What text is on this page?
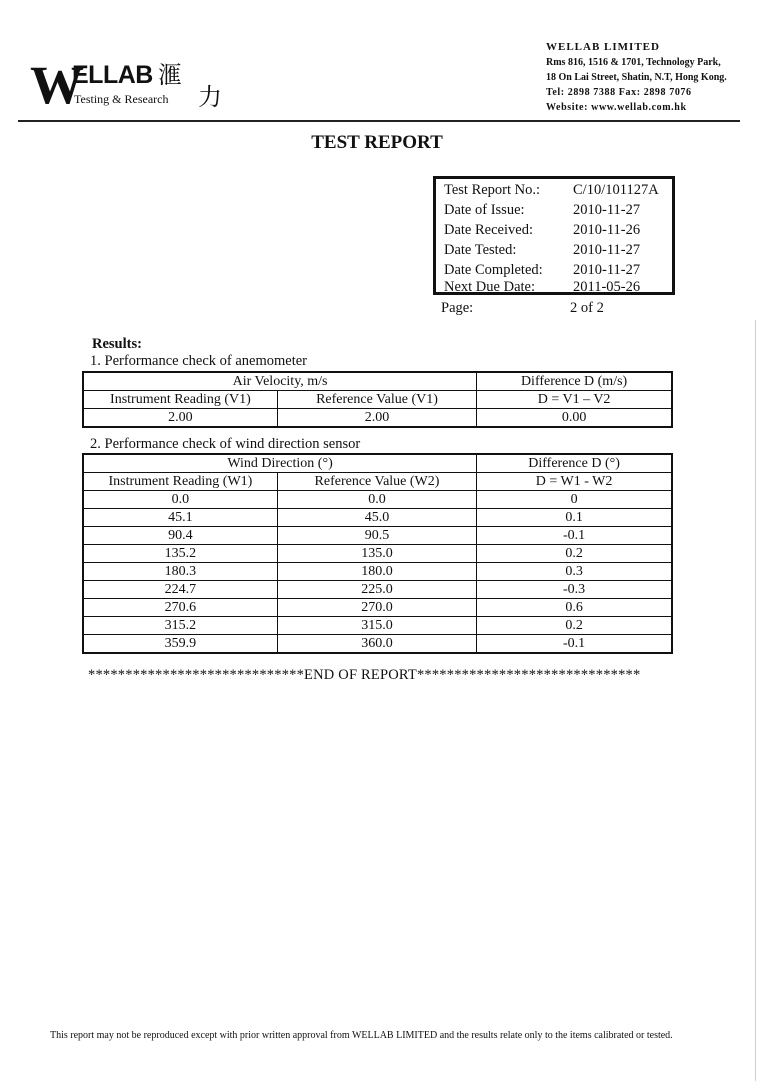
W
ELLAB 滙
力
Testing & Research
WELLAB LIMITED
Rms 816, 1516 & 1701, Technology Park,
18 On Lai Street, Shatin, N.T, Hong Kong.
Tel: 2898 7388 Fax: 2898 7076
Website: www.wellab.com.hk
TEST REPORT
Test Report No.: C/10/101127A
Date of Issue:	2010-11-27
Date Received:	2010-11-26
Date Tested:	2010-11-27
Date Completed: 2010-11-27
Next Due Date:	2011-05-26
Page:	2 of 2
Results:
1. Performance check of anemometer
Air Velocity, m/s		Difference D (m/s)
Instrument Reading (V1)	Reference Value (V1)	D = V1 – V2
2.00	2.00	0.00
2. Performance check of wind direction sensor
Wind Direction (°)		Difference D (°)
Instrument Reading (W1)	Reference Value (W2)	D = W1 - W2
0.0	0.0	0
45.1	45.0	0.1
90.4	90.5	-0.1
135.2	135.0	0.2
180.3	180.0	0.3
224.7	225.0	-0.3
270.6	270.0	0.6
315.2	315.0	0.2
359.9	360.0	-0.1
*****************************END OF REPORT******************************
This report may not be reproduced except with prior written approval from WELLAB LIMITED and the results relate only to the items calibrated or tested.
